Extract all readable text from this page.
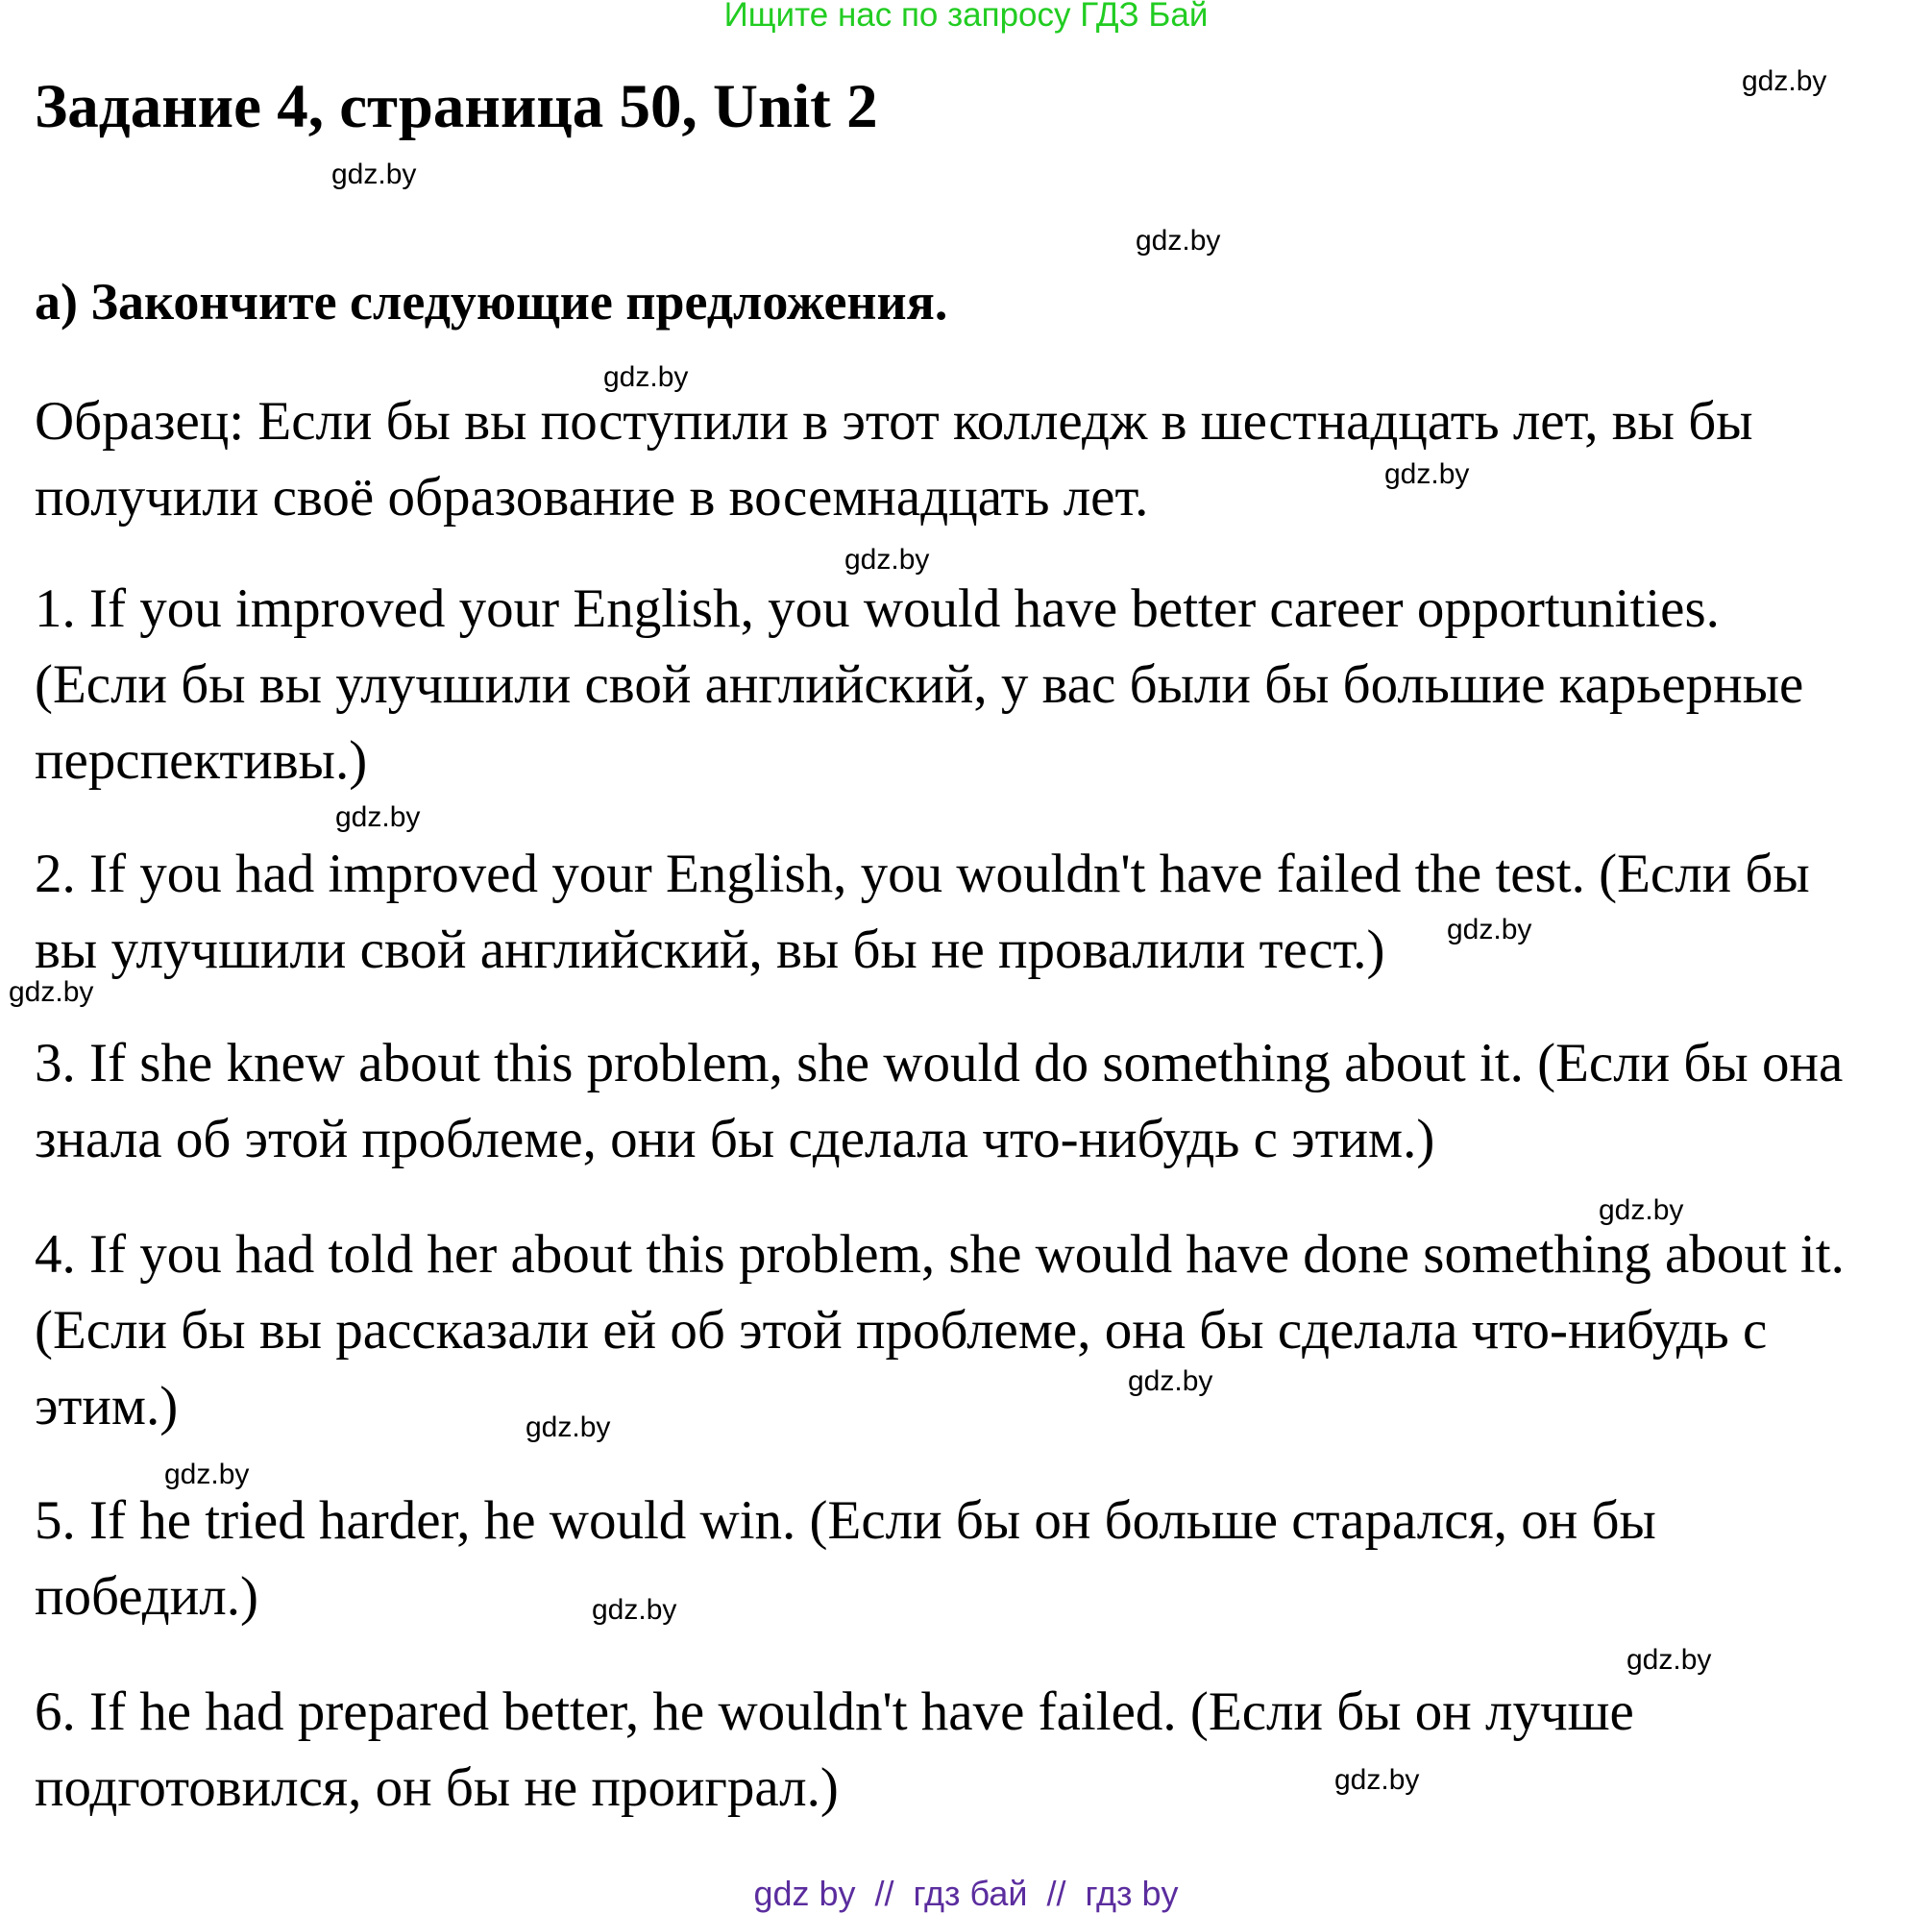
Ищите нас по запросу ГДЗ Бай
Задание 4, страница 50, Unit 2
а) Закончите следующие предложения.
Образец: Если бы вы поступили в этот колледж в шестнадцать лет, вы бы
получили своё образование в восемнадцать лет.
1. If you improved your English, you would have better career opportunities.
(Если бы вы улучшили свой английский, у вас были бы большие карьерные
перспективы.)
2. If you had improved your English, you wouldn't have failed the test. (Если бы
вы улучшили свой английский, вы бы не провалили тест.)
3. If she knew about this problem, she would do something about it. (Если бы она
знала об этой проблеме, они бы сделала что-нибудь с этим.)
4. If you had told her about this problem, she would have done something about it.
(Если бы вы рассказали ей об этой проблеме, она бы сделала что-нибудь с
этим.)
5. If he tried harder, he would win. (Если бы он больше старался, он бы
победил.)
6. If he had prepared better, he wouldn't have failed. (Если бы он лучше
подготовился, он бы не проиграл.)
gdz.by
gdz.by
gdz.by
gdz.by
gdz.by
gdz.by
gdz.by
gdz.by
gdz.by
gdz.by
gdz.by
gdz.by
gdz.by
gdz.by
gdz.by
gdz.by
gdz by  //  гдз бай  //  гдз by
